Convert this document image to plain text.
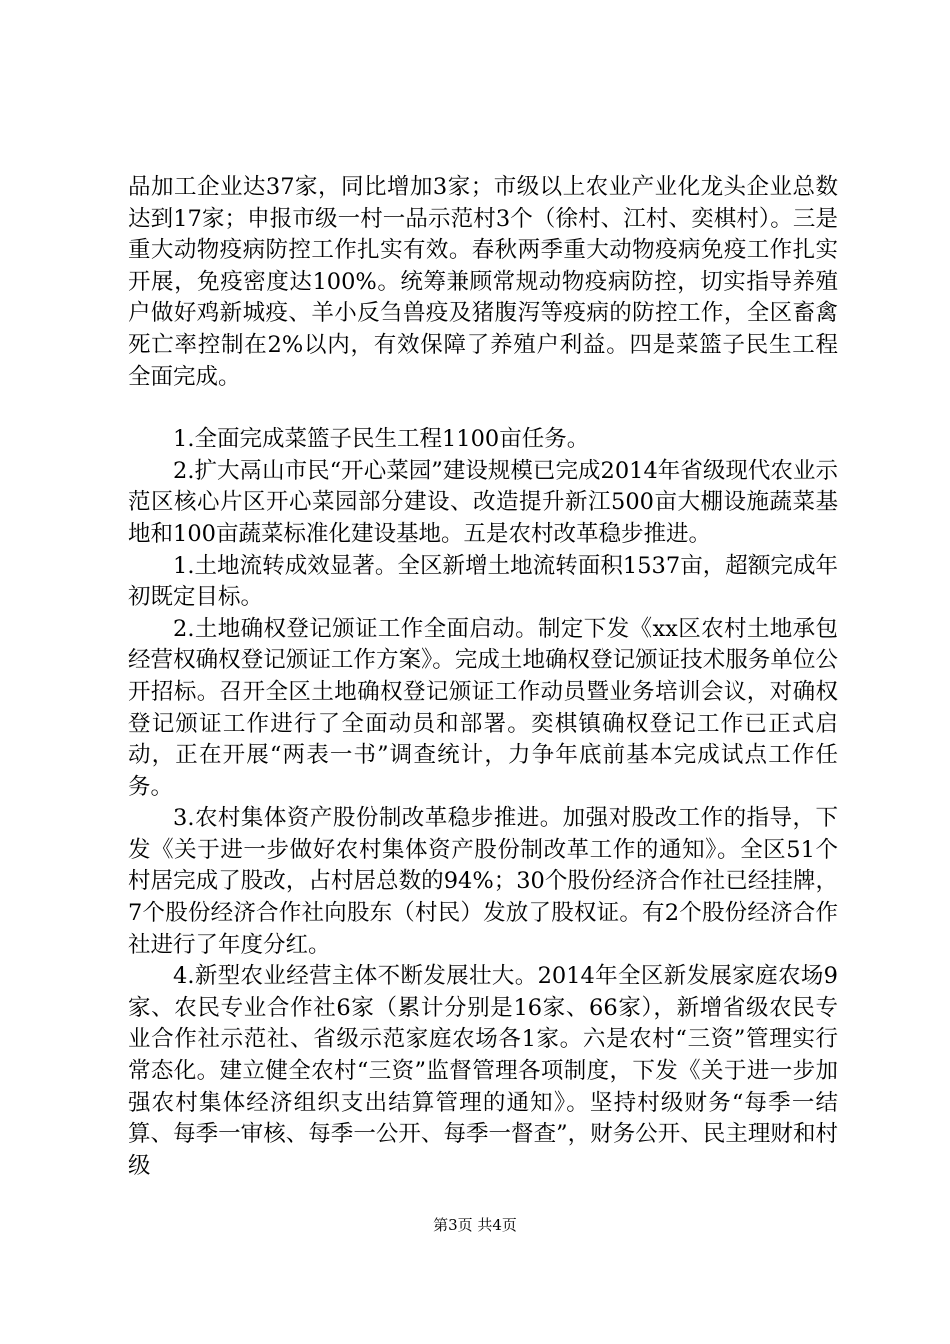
品加工企业达37家，同比增加3家；市级以上农业产业化龙头企业总数达到17家；申报市级一村一品示范村3个（徐村、江村、奕棋村）。三是重大动物疫病防控工作扎实有效。春秋两季重大动物疫病免疫工作扎实开展，免疫密度达100%。统筹兼顾常规动物疫病防控，切实指导养殖户做好鸡新城疫、羊小反刍兽疫及猪腹泻等疫病的防控工作，全区畜禽死亡率控制在2%以内，有效保障了养殖户利益。四是菜篮子民生工程全面完成。

1.全面完成菜篮子民生工程1100亩任务。

2.扩大鬲山市民“开心菜园”建设规模已完成2014年省级现代农业示范区核心片区开心菜园部分建设、改造提升新江500亩大棚设施蔬菜基地和100亩蔬菜标准化建设基地。五是农村改革稳步推进。

1.土地流转成效显著。全区新增土地流转面积1537亩，超额完成年初既定目标。

2.土地确权登记颁证工作全面启动。制定下发《xx区农村土地承包经营权确权登记颁证工作方案》。完成土地确权登记颁证技术服务单位公开招标。召开全区土地确权登记颁证工作动员暨业务培训会议，对确权登记颁证工作进行了全面动员和部署。奕棋镇确权登记工作已正式启动，正在开展“两表一书”调查统计，力争年底前基本完成试点工作任务。

3.农村集体资产股份制改革稳步推进。加强对股改工作的指导，下发《关于进一步做好农村集体资产股份制改革工作的通知》。全区51个村居完成了股改，占村居总数的94%；30个股份经济合作社已经挂牌，7个股份经济合作社向股东（村民）发放了股权证。有2个股份经济合作社进行了年度分红。

4.新型农业经营主体不断发展壮大。2014年全区新发展家庭农场9家、农民专业合作社6家（累计分别是16家、66家），新增省级农民专业合作社示范社、省级示范家庭农场各1家。六是农村“三资”管理实行常态化。建立健全农村“三资”监督管理各项制度，下发《关于进一步加强农村集体经济组织支出结算管理的通知》。坚持村级财务“每季一结算、每季一审核、每季一公开、每季一督查”，财务公开、民主理财和村级

第3页 共4页
